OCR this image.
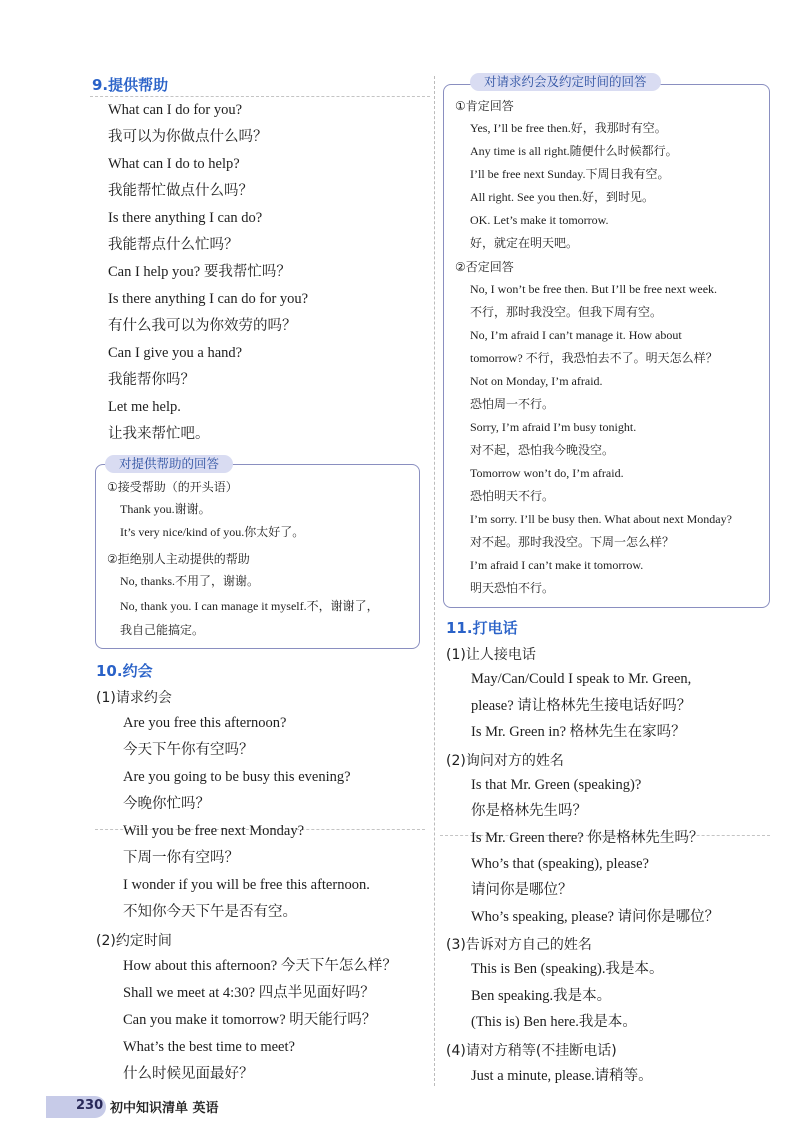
9.提供帮助
What can I do for you?
我可以为你做点什么吗？
What can I do to help?
我能帮忙做点什么吗？
Is there anything I can do?
我能帮点什么忙吗？
Can I help you? 要我帮忙吗？
Is there anything I can do for you?
有什么我可以为你效劳的吗？
Can I give you a hand?
我能帮你吗？
Let me help.
让我来帮忙吧。
对提供帮助的回答
①接受帮助（的开头语）
Thank you.谢谢。
It’s very nice/kind of you.你太好了。
②拒绝别人主动提供的帮助
No, thanks.不用了，谢谢。
No, thank you. I can manage it myself.不，谢谢了，
我自己能搞定。
10.约会
(1)请求约会
Are you free this afternoon?
今天下午你有空吗？
Are you going to be busy this evening?
今晚你忙吗？
Will you be free next Monday?
下周一你有空吗？
I wonder if you will be free this afternoon.
不知你今天下午是否有空。
(2)约定时间
How about this afternoon? 今天下午怎么样？
Shall we meet at 4:30? 四点半见面好吗？
Can you make it tomorrow? 明天能行吗？
What’s the best time to meet?
什么时候见面最好？
对请求约会及约定时间的回答
①肯定回答
Yes, I’ll be free then.好，我那时有空。
Any time is all right.随便什么时候都行。
I’ll be free next Sunday.下周日我有空。
All right. See you then.好，到时见。
OK. Let’s make it tomorrow.
好，就定在明天吧。
②否定回答
No, I won’t be free then. But I’ll be free next week.
不行，那时我没空。但我下周有空。
No, I’m afraid I can’t manage it. How about
tomorrow? 不行，我恐怕去不了。明天怎么样？
Not on Monday, I’m afraid.
恐怕周一不行。
Sorry, I’m afraid I’m busy tonight.
对不起，恐怕我今晚没空。
Tomorrow won’t do, I’m afraid.
恐怕明天不行。
I’m sorry. I’ll be busy then. What about next Monday?
对不起。那时我没空。下周一怎么样？
I’m afraid I can’t make it tomorrow.
明天恐怕不行。
11.打电话
(1)让人接电话
May/Can/Could I speak to Mr. Green,
please? 请让格林先生接电话好吗？
Is Mr. Green in? 格林先生在家吗？
(2)询问对方的姓名
Is that Mr. Green (speaking)?
你是格林先生吗？
Is Mr. Green there? 你是格林先生吗？
Who’s that (speaking), please?
请问你是哪位？
Who’s speaking, please? 请问你是哪位？
(3)告诉对方自己的姓名
This is Ben (speaking).我是本。
Ben speaking.我是本。
(This is) Ben here.我是本。
(4)请对方稍等(不挂断电话)
Just a minute, please.请稍等。
230 初中知识清单 英语
